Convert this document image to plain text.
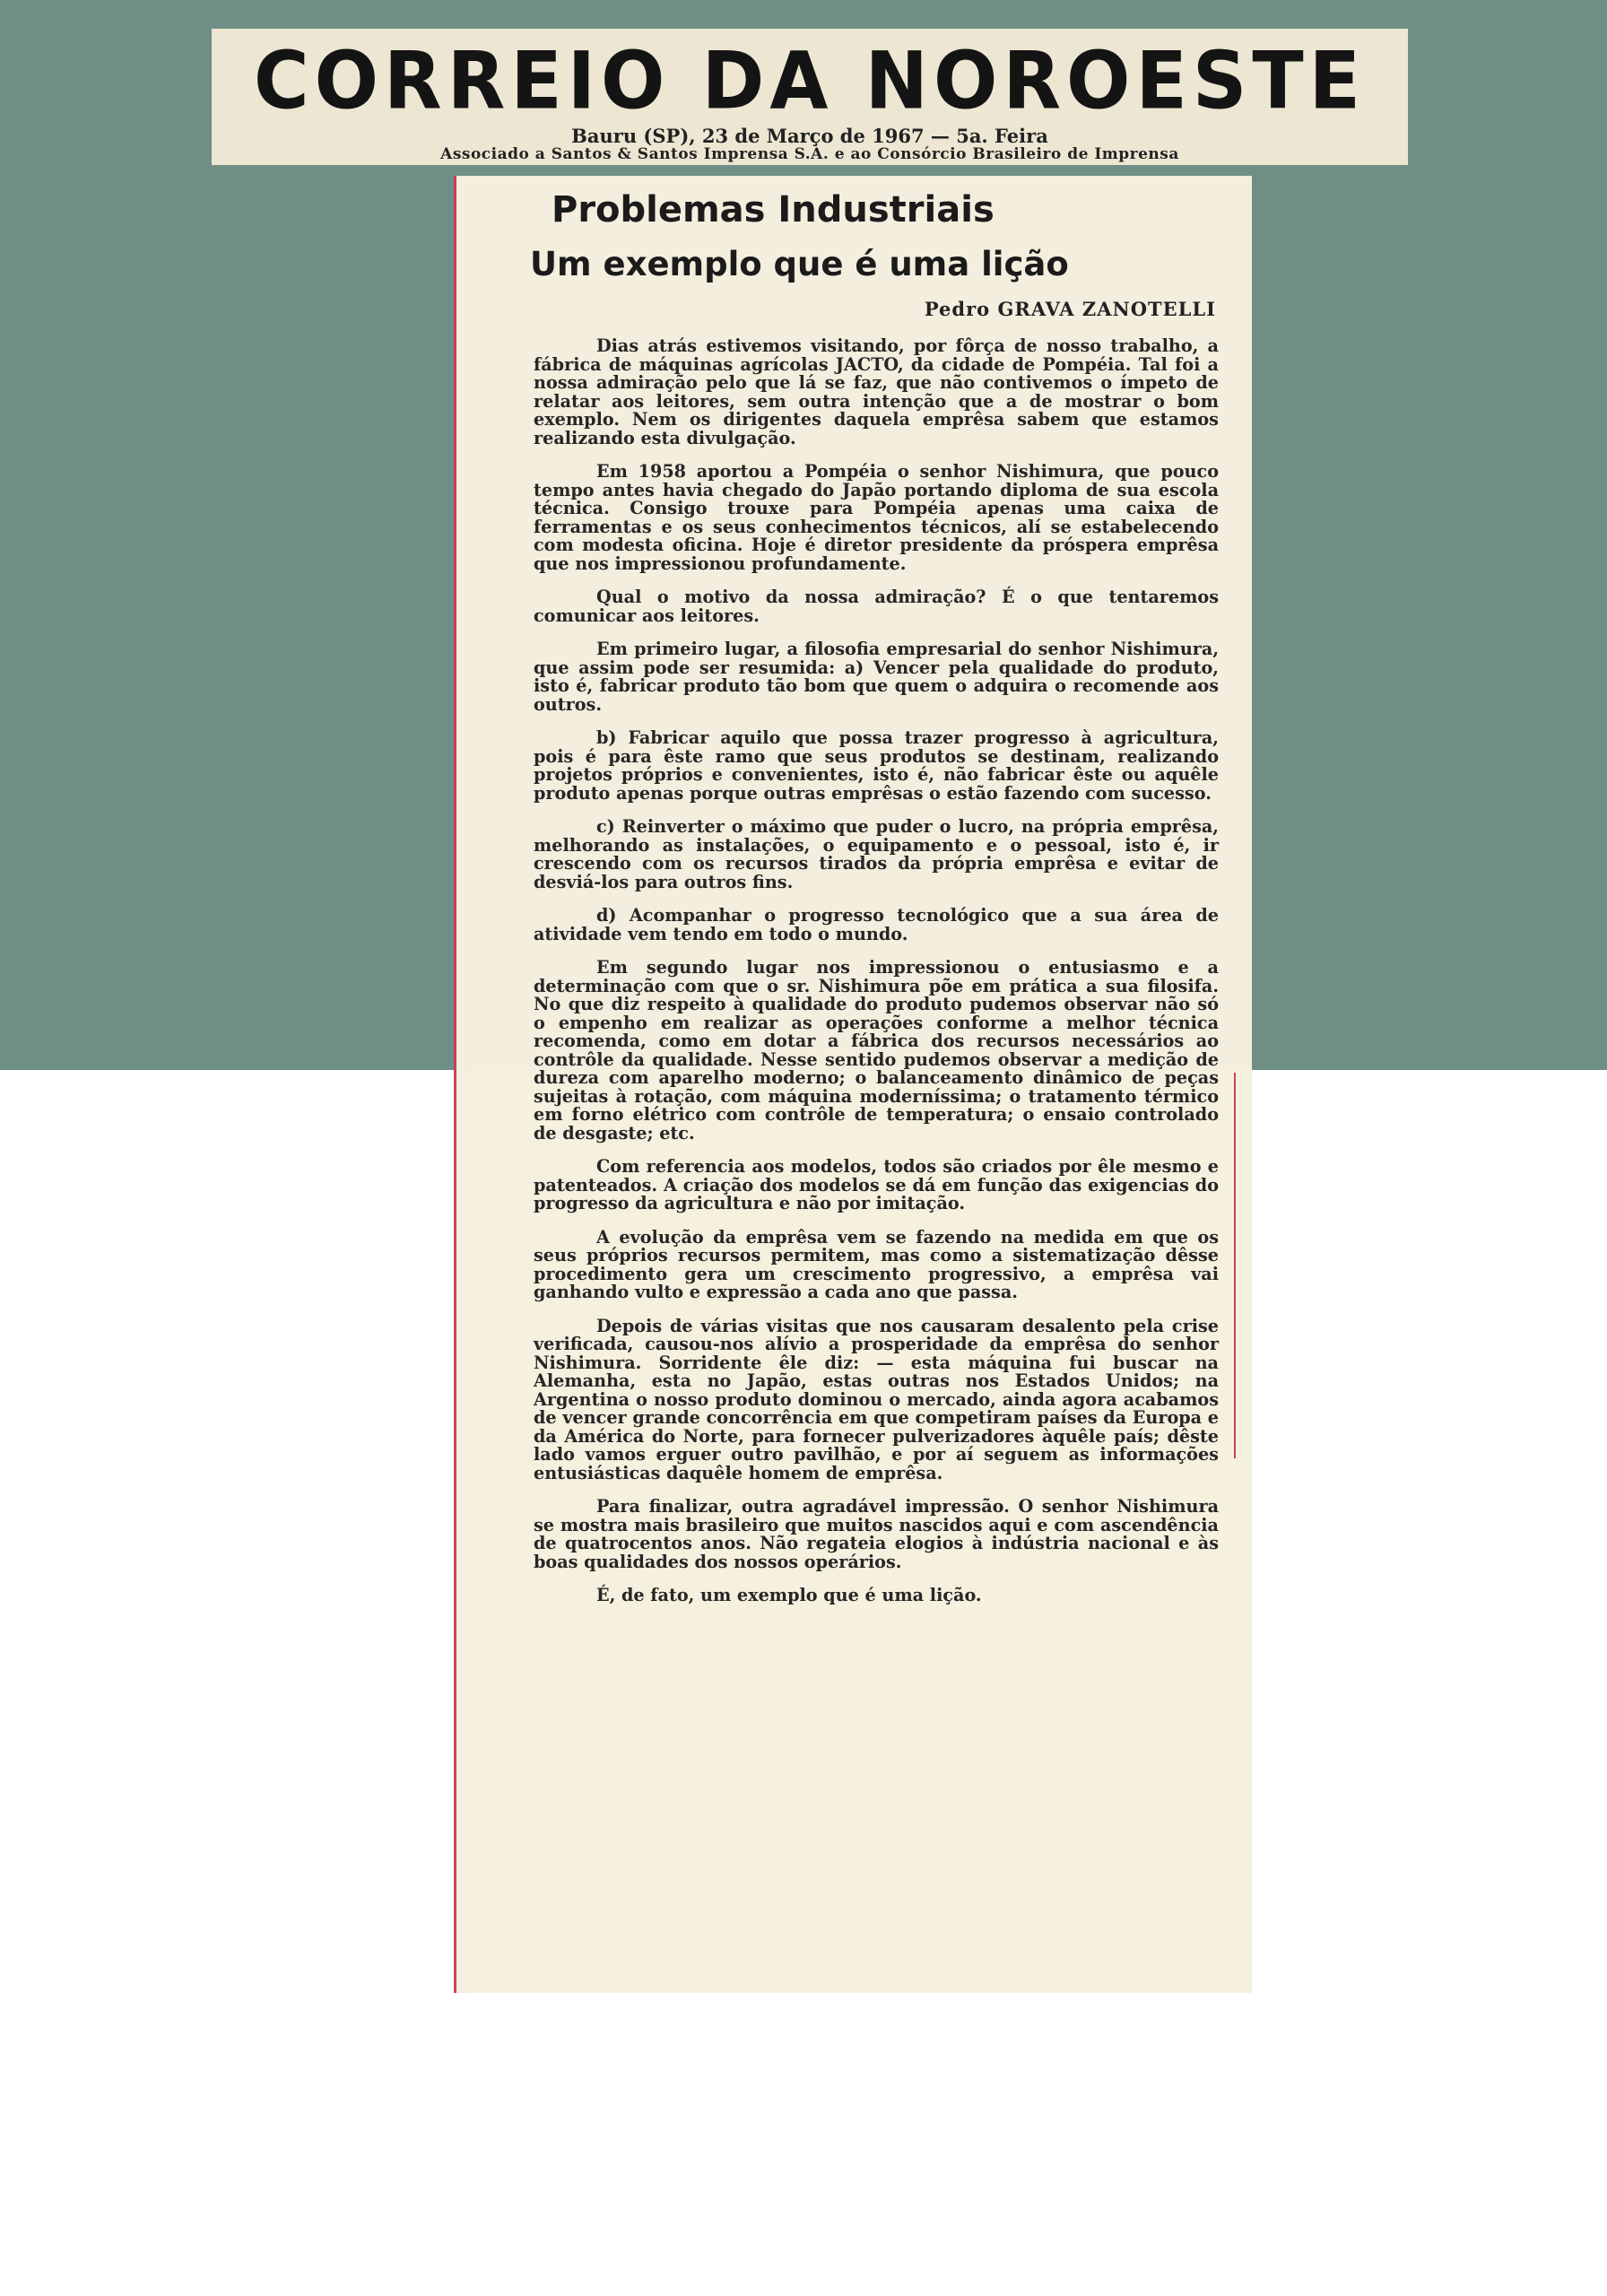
CORREIO DA NOROESTE
Bauru (SP), 23 de Março de 1967 — 5a. Feira
Associado a Santos & Santos Imprensa S.A. e ao Consórcio Brasileiro de Imprensa
Problemas Industriais
Um exemplo que é uma lição
Pedro GRAVA ZANOTELLI

Dias atrás estivemos visitando, por fôrça de nosso trabalho, a fábrica de máquinas agrícolas JACTO, da cidade de Pompéia. Tal foi a nossa admiração pelo que lá se faz, que não contivemos o ímpeto de relatar aos leitores, sem outra intenção que a de mostrar o bom exemplo. Nem os dirigentes daquela emprêsa sabem que estamos realizando esta divulgação.

Em 1958 aportou a Pompéia o senhor Nishimura, que pouco tempo antes havia chegado do Japão portando diploma de sua escola técnica. Consigo trouxe para Pompéia apenas uma caixa de ferramentas e os seus conhecimentos técnicos, alí se estabelecendo com modesta oficina. Hoje é diretor presidente da próspera emprêsa que nos impressionou profundamente.

Qual o motivo da nossa admiração? É o que tentaremos comunicar aos leitores.

Em primeiro lugar, a filosofia empresarial do senhor Nishimura, que assim pode ser resumida: a) Vencer pela qualidade do produto, isto é, fabricar produto tão bom que quem o adquira o recomende aos outros.

b) Fabricar aquilo que possa trazer progresso à agricultura, pois é para êste ramo que seus produtos se destinam, realizando projetos próprios e convenientes, isto é, não fabricar êste ou aquêle produto apenas porque outras emprêsas o estão fazendo com sucesso.

c) Reinverter o máximo que puder o lucro, na própria emprêsa, melhorando as instalações, o equipamento e o pessoal, isto é, ir crescendo com os recursos tirados da própria emprêsa e evitar de desviá-los para outros fins.

d) Acompanhar o progresso tecnológico que a sua área de atividade vem tendo em todo o mundo.

Em segundo lugar nos impressionou o entusiasmo e a determinação com que o sr. Nishimura põe em prática a sua filosifa. No que diz respeito à qualidade do produto pudemos observar não só o empenho em realizar as operações conforme a melhor técnica recomenda, como em dotar a fábrica dos recursos necessários ao contrôle da qualidade. Nesse sentido pudemos observar a medição de dureza com aparelho moderno; o balanceamento dinâmico de peças sujeitas à rotação, com máquina moderníssima; o tratamento térmico em forno elétrico com contrôle de temperatura; o ensaio controlado de desgaste; etc.

Com referencia aos modelos, todos são criados por êle mesmo e patenteados. A criação dos modelos se dá em função das exigencias do progresso da agricultura e não por imitação.

A evolução da emprêsa vem se fazendo na medida em que os seus próprios recursos permitem, mas como a sistematização dêsse procedimento gera um crescimento progressivo, a emprêsa vai ganhando vulto e expressão a cada ano que passa.

Depois de várias visitas que nos causaram desalento pela crise verificada, causou-nos alívio a prosperidade da emprêsa do senhor Nishimura. Sorridente êle diz: — esta máquina fui buscar na Alemanha, esta no Japão, estas outras nos Estados Unidos; na Argentina o nosso produto dominou o mercado, ainda agora acabamos de vencer grande concorrência em que competiram países da Europa e da América do Norte, para fornecer pulverizadores àquêle país; dêste lado vamos erguer outro pavilhão, e por aí seguem as informações entusiásticas daquêle homem de emprêsa.

Para finalizar, outra agradável impressão. O senhor Nishimura se mostra mais brasileiro que muitos nascidos aqui e com ascendência de quatrocentos anos. Não regateia elogios à indústria nacional e às boas qualidades dos nossos operários.

É, de fato, um exemplo que é uma lição.
